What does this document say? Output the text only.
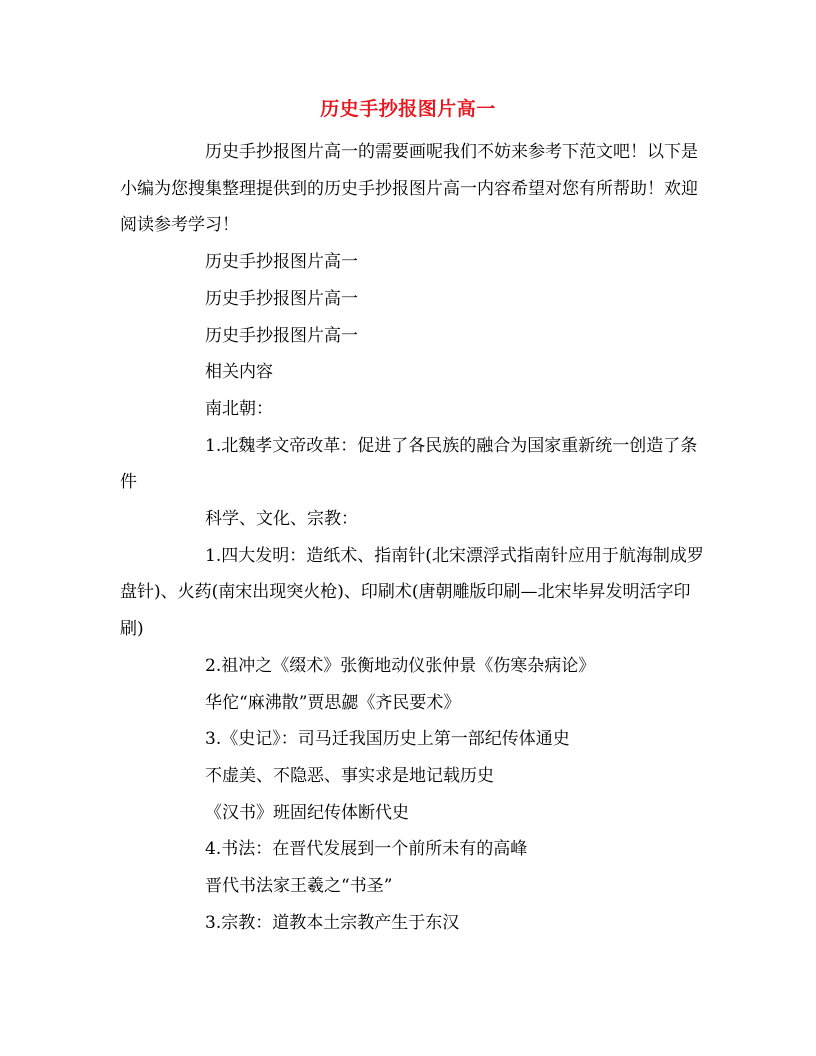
历史手抄报图片高一

历史手抄报图片高一的需要画呢我们不妨来参考下范文吧！以下是小编为您搜集整理提供到的历史手抄报图片高一内容希望对您有所帮助！欢迎阅读参考学习！

历史手抄报图片高一

历史手抄报图片高一

历史手抄报图片高一

相关内容

南北朝：

1.北魏孝文帝改革：促进了各民族的融合为国家重新统一创造了条件

科学、文化、宗教：

1.四大发明：造纸术、指南针(北宋漂浮式指南针应用于航海制成罗盘针)、火药(南宋出现突火枪)、印刷术(唐朝雕版印刷—北宋毕昇发明活字印刷)

2.祖冲之《缀术》张衡地动仪张仲景《伤寒杂病论》

华佗“麻沸散”贾思勰《齐民要术》

3.《史记》：司马迁我国历史上第一部纪传体通史

不虚美、不隐恶、事实求是地记载历史

《汉书》班固纪传体断代史

4.书法：在晋代发展到一个前所未有的高峰

晋代书法家王羲之“书圣”

3.宗教：道教本土宗教产生于东汉
